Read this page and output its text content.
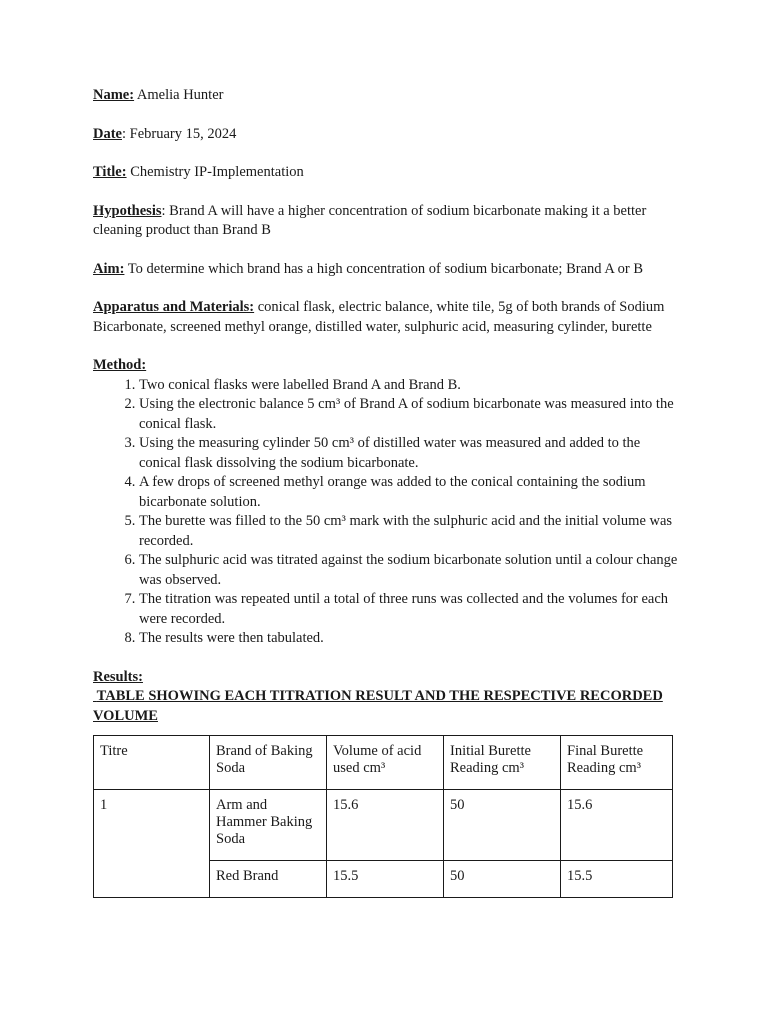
Name: Amelia Hunter

Date: February 15, 2024

Title: Chemistry IP-Implementation

Hypothesis: Brand A will have a higher concentration of sodium bicarbonate making it a better cleaning product than Brand B

Aim: To determine which brand has a high concentration of sodium bicarbonate; Brand A or B

Apparatus and Materials: conical flask, electric balance, white tile, 5g of both brands of Sodium Bicarbonate, screened methyl orange, distilled water, sulphuric acid, measuring cylinder, burette

Method:

1. Two conical flasks were labelled Brand A and Brand B.
2. Using the electronic balance 5 cm³ of Brand A of sodium bicarbonate was measured into the conical flask.
3. Using the measuring cylinder 50 cm³ of distilled water was measured and added to the conical flask dissolving the sodium bicarbonate.
4. A few drops of screened methyl orange was added to the conical containing the sodium bicarbonate solution.
5. The burette was filled to the 50 cm³ mark with the sulphuric acid and the initial volume was recorded.
6. The sulphuric acid was titrated against the sodium bicarbonate solution until a colour change was observed.
7. The titration was repeated until a total of three runs was collected and the volumes for each were recorded.
8. The results were then tabulated.

Results:

TABLE SHOWING EACH TITRATION RESULT AND THE RESPECTIVE RECORDED VOLUME

Titre	Brand of Baking Soda	Volume of acid used cm³	Initial Burette Reading cm³	Final Burette Reading cm³
1	Arm and Hammer Baking Soda	15.6	50	15.6
	Red Brand	15.5	50	15.5
